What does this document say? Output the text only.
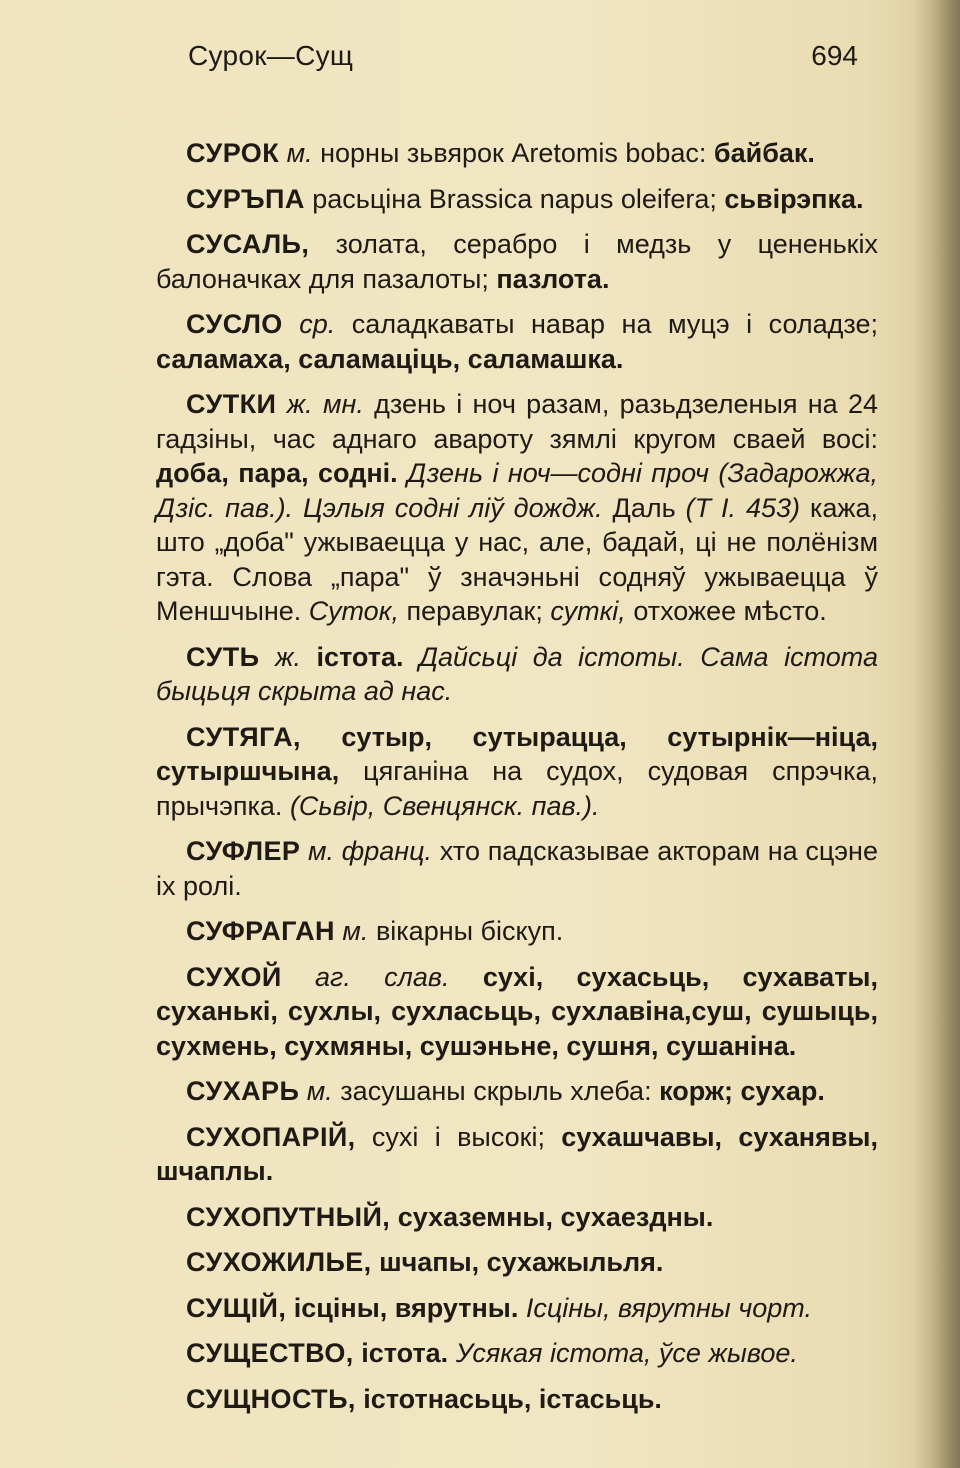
Сурок—Сущ	694

СУРОК м. норны зьвярок Aretomis bobac: байбак.

СУРЪПА расьціна Brassica napus oleifera; сьвірэпка.

СУСАЛЬ, золата, серабро і медзь у цененькіх балоначках для пазалоты; пазлота.

СУСЛО ср. саладкаваты навар на муцэ і соладзе; саламаха, саламаціць, саламашка.

СУТКИ ж. мн. дзень і ноч разам, разьдзеленыя на 24 гадзіны, час аднаго авароту зямлі кругом сваей восі: доба, пара, содні. Дзень і ноч—содні проч (Задарожжа, Дзіс. пав.). Цэлыя содні ліў дождж. Даль (Т І. 453) кажа, што „доба" ужываецца у нас, але, бадай, ці не полёнізм гэта. Слова „пара" ў значэньні содняў ужываецца ў Меншчыне. Суток, перавулак; суткі, отхожее мѣсто.

СУТЬ ж. істота. Дайсьці да істоты. Сама істота быцьця скрыта ад нас.

СУТЯГА, сутыр, сутырацца, сутырнік—ніца, сутыршчына, цяганіна на судох, судовая спрэчка, прычэпка. (Сьвір, Свенцянск. пав.).

СУФЛЕР м. франц. хто падсказывае акторам на сцэне іх ролі.

СУФРАГАН м. вікарны біскуп.

СУХОЙ аг. слав. сухі, сухасьць, сухаваты, суханькі, сухлы, сухласьць, сухлавіна,суш, сушыць, сухмень, сухмяны, сушэньне, сушня, сушаніна.

СУХАРЬ м. засушаны скрыль хлеба: корж; сухар.

СУХОПАРІЙ, сухі і высокі; сухашчавы, суханявы, шчаплы.

СУХОПУТНЫЙ, сухаземны, сухаездны.

СУХОЖИЛЬЕ, шчапы, сухажыльля.

СУЩІЙ, ісціны, вярутны. Ісціны, вярутны чорт.

СУЩЕСТВО, істота. Усякая істота, ўсе жывое.

СУЩНОСТЬ, істотнасьць, істасьць.
